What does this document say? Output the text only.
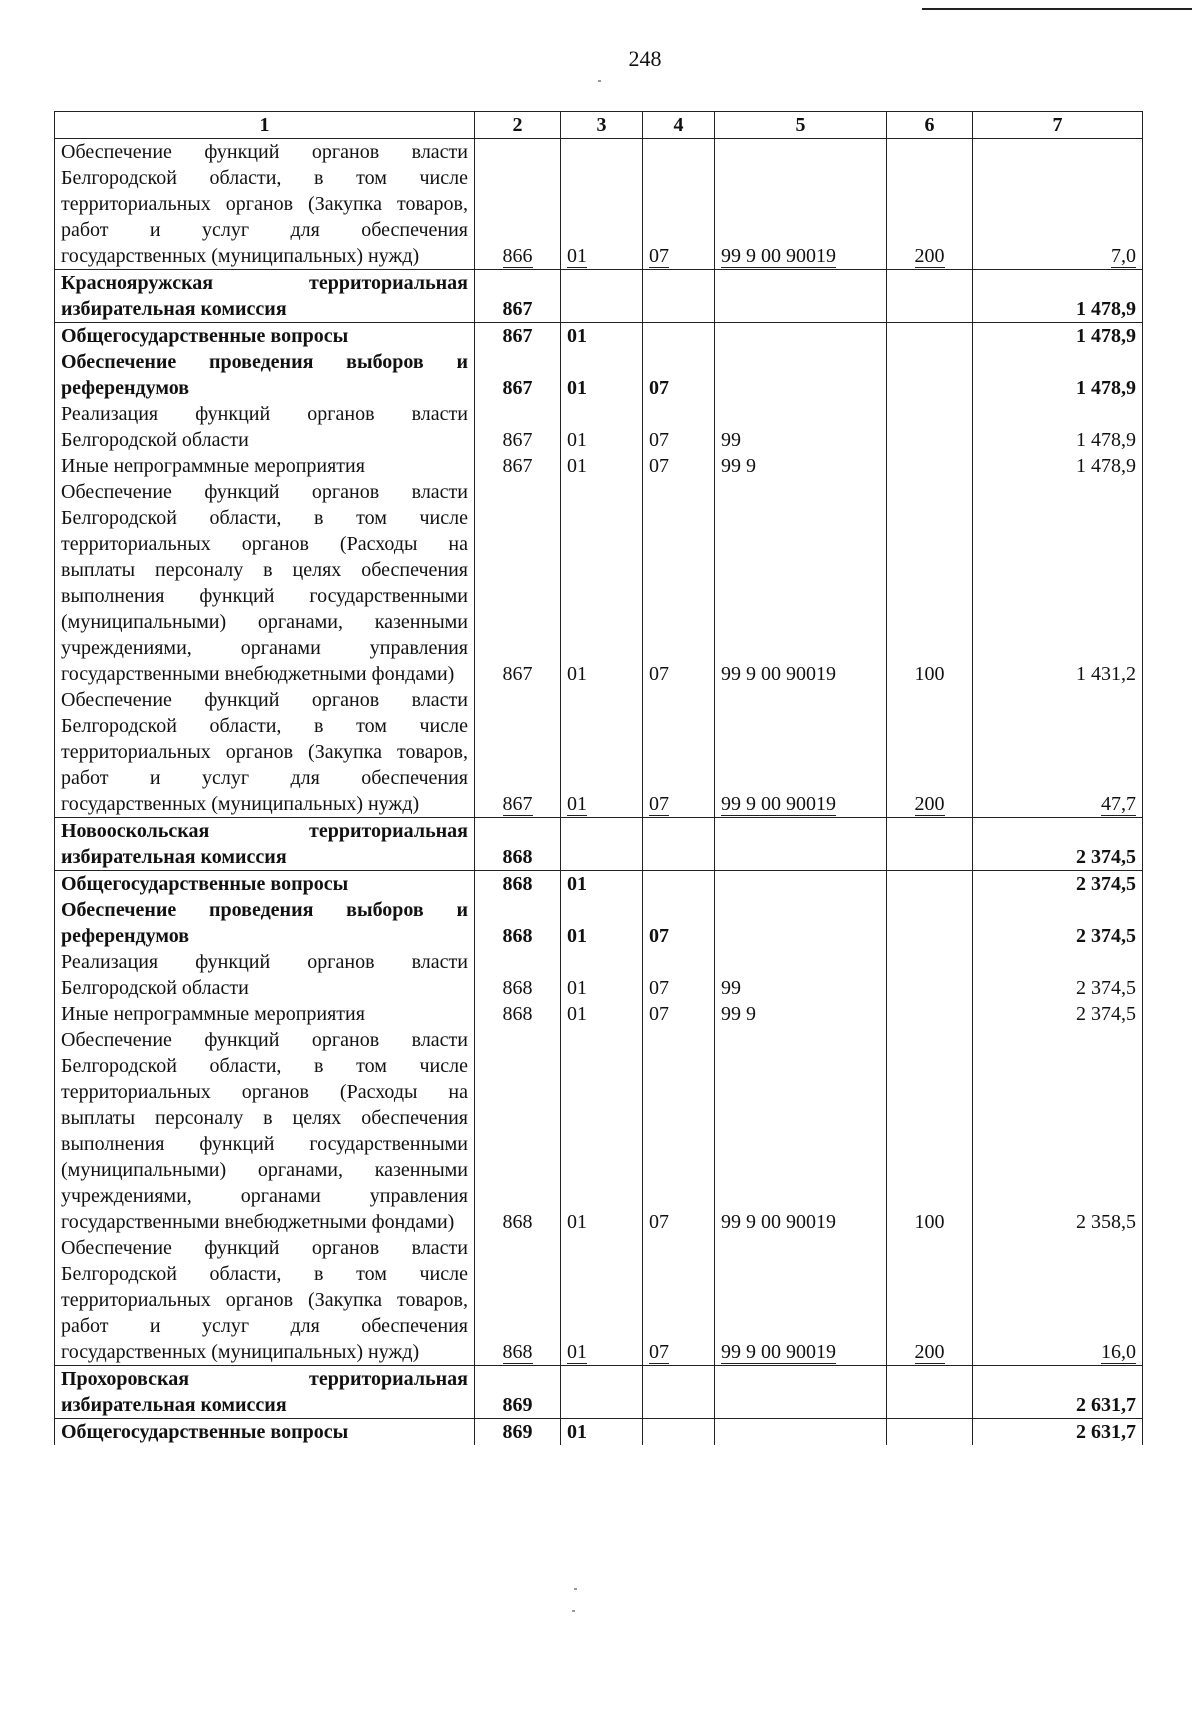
248
1	2	3	4	5	6	7

Обеспечение функций органов власти Белгородской области, в том числе территориальных органов (Закупка товаров, работ и услуг для обеспечения государственных (муниципальных) нужд)	866	01	07	99 9 00 90019	200	7,0

Краснояружская территориальная избирательная комиссия	867					1 478,9

Общегосударственные вопросы	867	01				1 478,9

Обеспечение проведения выборов и референдумов	867	01	07			1 478,9

Реализация функций органов власти Белгородской области	867	01	07	99		1 478,9

Иные непрограммные мероприятия	867	01	07	99 9		1 478,9

Обеспечение функций органов власти Белгородской области, в том числе территориальных органов (Расходы на выплаты персоналу в целях обеспечения выполнения функций государственными (муниципальными) органами, казенными учреждениями, органами управления государственными внебюджетными фондами)	867	01	07	99 9 00 90019	100	1 431,2

Обеспечение функций органов власти Белгородской области, в том числе территориальных органов (Закупка товаров, работ и услуг для обеспечения государственных (муниципальных) нужд)	867	01	07	99 9 00 90019	200	47,7

Новооскольская территориальная избирательная комиссия	868					2 374,5

Общегосударственные вопросы	868	01				2 374,5

Обеспечение проведения выборов и референдумов	868	01	07			2 374,5

Реализация функций органов власти Белгородской области	868	01	07	99		2 374,5

Иные непрограммные мероприятия	868	01	07	99 9		2 374,5

Обеспечение функций органов власти Белгородской области, в том числе территориальных органов (Расходы на выплаты персоналу в целях обеспечения выполнения функций государственными (муниципальными) органами, казенными учреждениями, органами управления государственными внебюджетными фондами)	868	01	07	99 9 00 90019	100	2 358,5

Обеспечение функций органов власти Белгородской области, в том числе территориальных органов (Закупка товаров, работ и услуг для обеспечения государственных (муниципальных) нужд)	868	01	07	99 9 00 90019	200	16,0

Прохоровская территориальная избирательная комиссия	869					2 631,7

Общегосударственные вопросы	869	01				2 631,7
